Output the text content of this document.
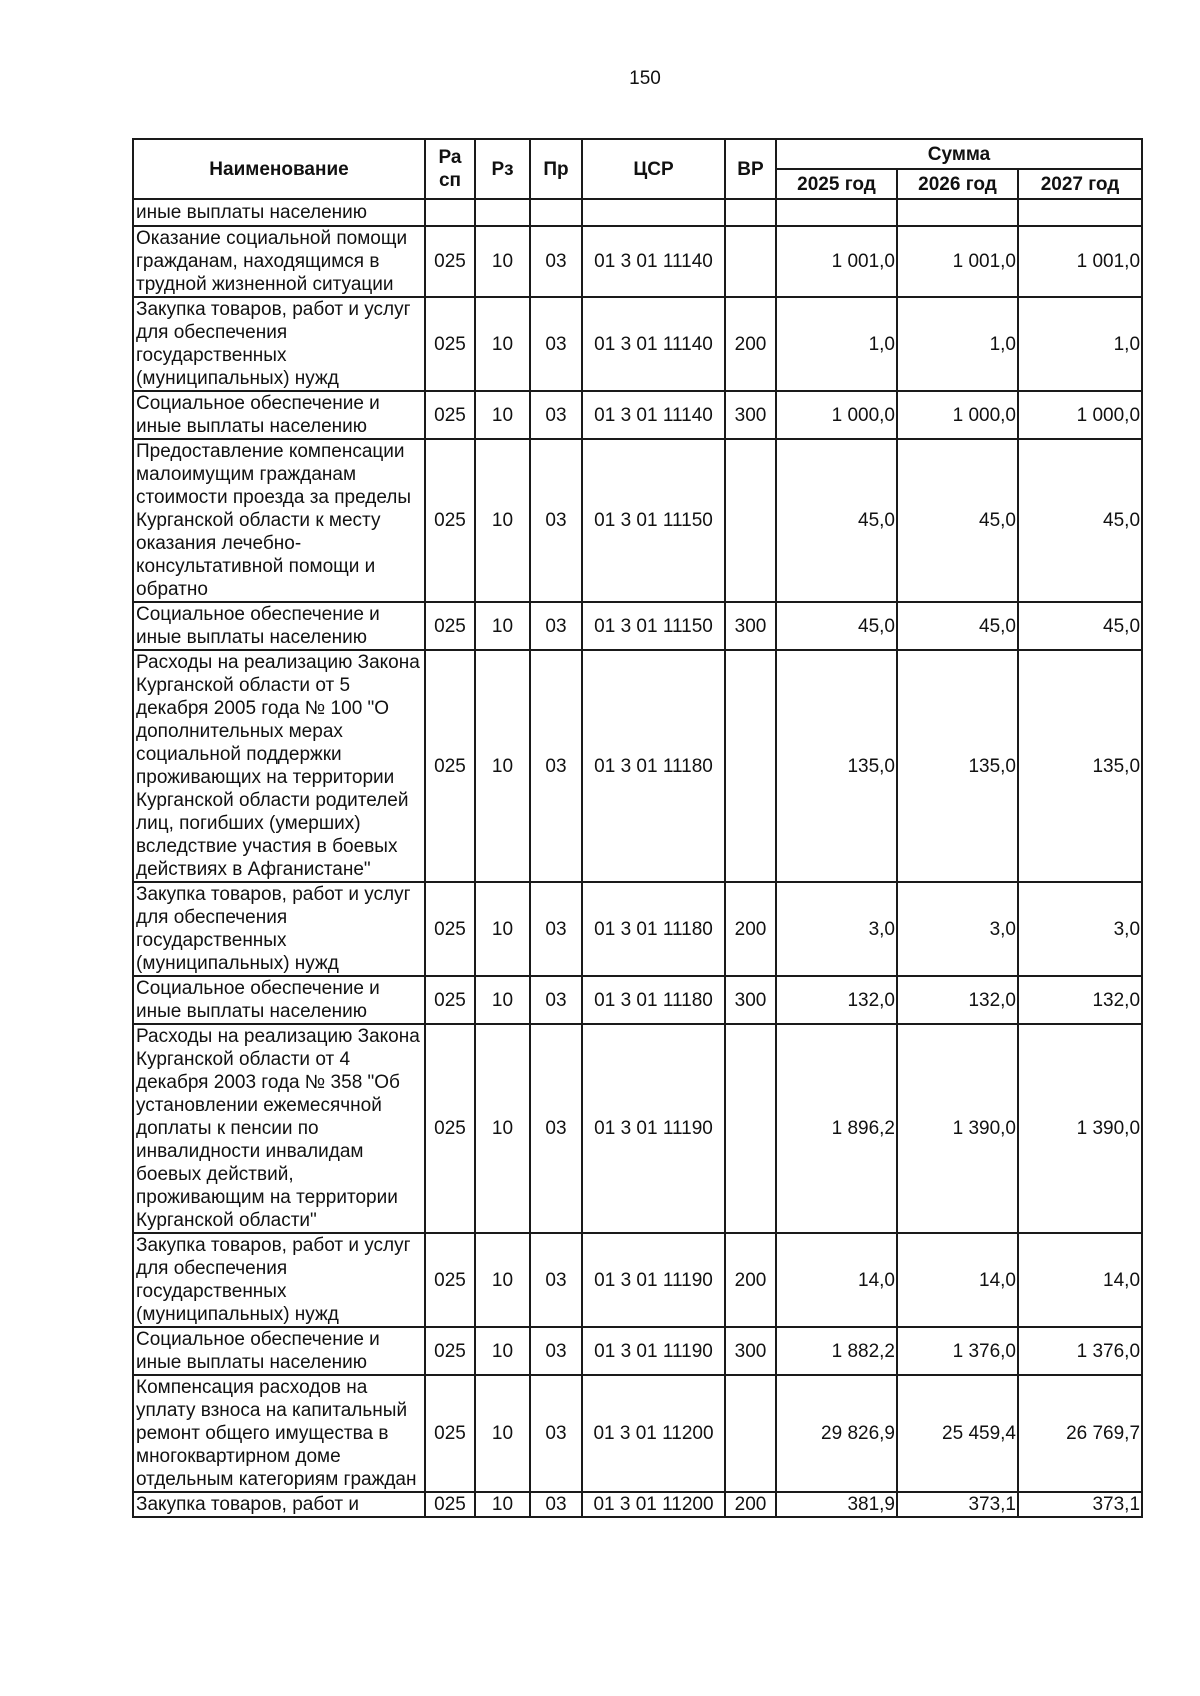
150
Наименование	Ра сп	Рз	Пр	ЦСР	ВР	Сумма		
						2025 год	2026 год	2027 год
иные выплаты населению								
Оказание социальной помощи гражданам, находящимся в трудной жизненной ситуации	025	10	03	01 3 01 11140		1 001,0	1 001,0	1 001,0
Закупка товаров, работ и услуг для обеспечения государственных (муниципальных) нужд	025	10	03	01 3 01 11140	200	1,0	1,0	1,0
Социальное обеспечение и иные выплаты населению	025	10	03	01 3 01 11140	300	1 000,0	1 000,0	1 000,0
Предоставление компенсации малоимущим гражданам стоимости проезда за пределы Курганской области к месту оказания лечебно-консультативной помощи и обратно	025	10	03	01 3 01 11150		45,0	45,0	45,0
Социальное обеспечение и иные выплаты населению	025	10	03	01 3 01 11150	300	45,0	45,0	45,0
Расходы на реализацию Закона Курганской области от 5 декабря 2005 года № 100 "О дополнительных мерах социальной поддержки проживающих на территории Курганской области родителей лиц, погибших (умерших) вследствие участия в боевых действиях в Афганистане"	025	10	03	01 3 01 11180		135,0	135,0	135,0
Закупка товаров, работ и услуг для обеспечения государственных (муниципальных) нужд	025	10	03	01 3 01 11180	200	3,0	3,0	3,0
Социальное обеспечение и иные выплаты населению	025	10	03	01 3 01 11180	300	132,0	132,0	132,0
Расходы на реализацию Закона Курганской области от 4 декабря 2003 года № 358 "Об установлении ежемесячной доплаты к пенсии по инвалидности инвалидам боевых действий, проживающим на территории Курганской области"	025	10	03	01 3 01 11190		1 896,2	1 390,0	1 390,0
Закупка товаров, работ и услуг для обеспечения государственных (муниципальных) нужд	025	10	03	01 3 01 11190	200	14,0	14,0	14,0
Социальное обеспечение и иные выплаты населению	025	10	03	01 3 01 11190	300	1 882,2	1 376,0	1 376,0
Компенсация расходов на уплату взноса на капитальный ремонт общего имущества в многоквартирном доме отдельным категориям граждан	025	10	03	01 3 01 11200		29 826,9	25 459,4	26 769,7
Закупка товаров, работ и	025	10	03	01 3 01 11200	200	381,9	373,1	373,1
